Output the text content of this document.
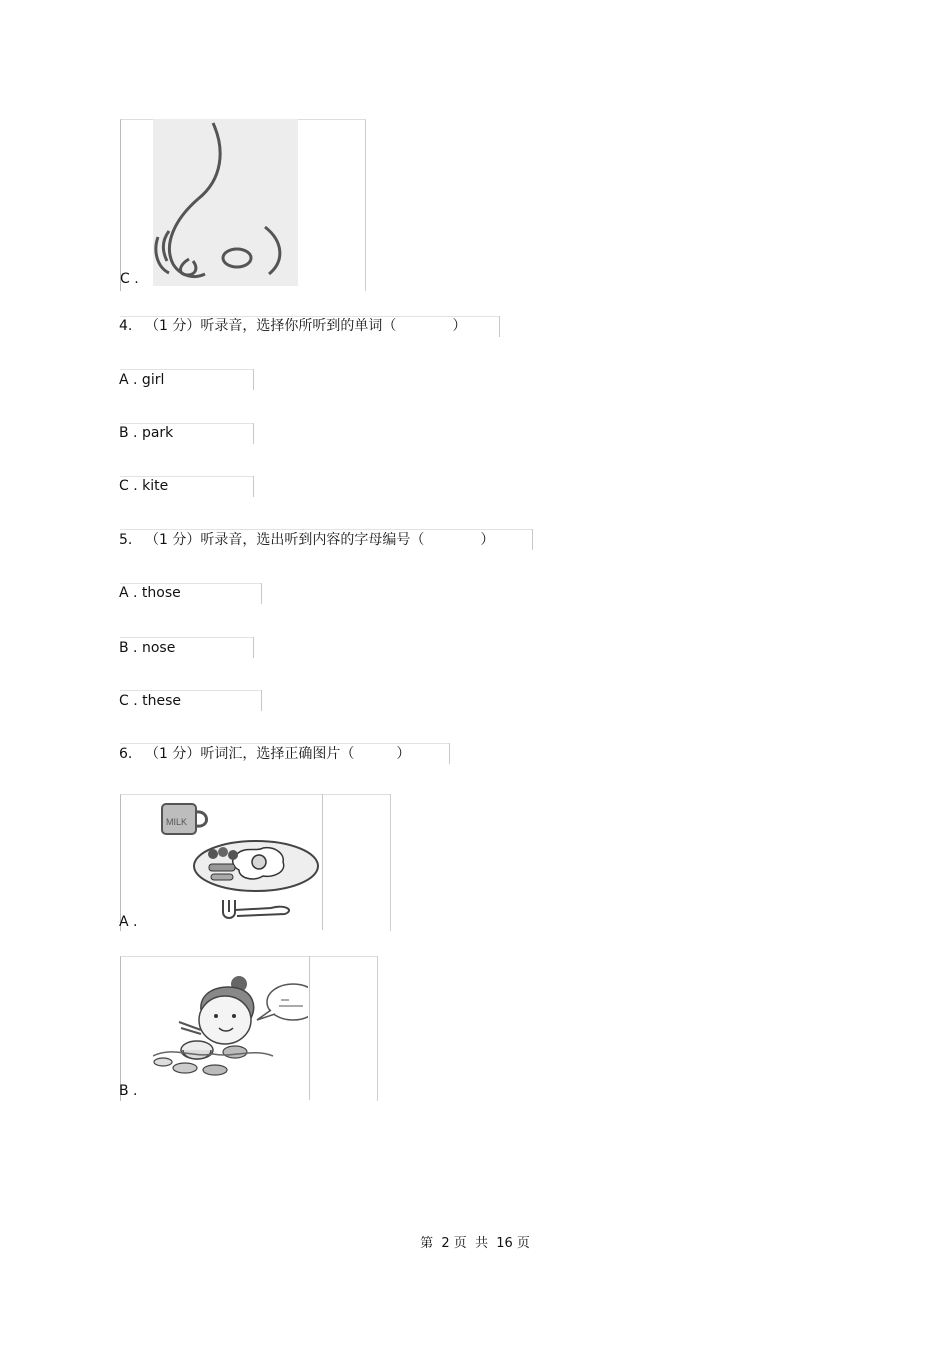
C .
4. （1 分）听录音，选择你所听到的单词（　　　　）
A . girl
B . park
C . kite
5. （1 分）听录音，选出听到内容的字母编号（　　　　）
A . those
B . nose
C . these
6. （1 分）听词汇，选择正确图片（　　　）
MILK
A .
B .
第  2 页  共  16 页
